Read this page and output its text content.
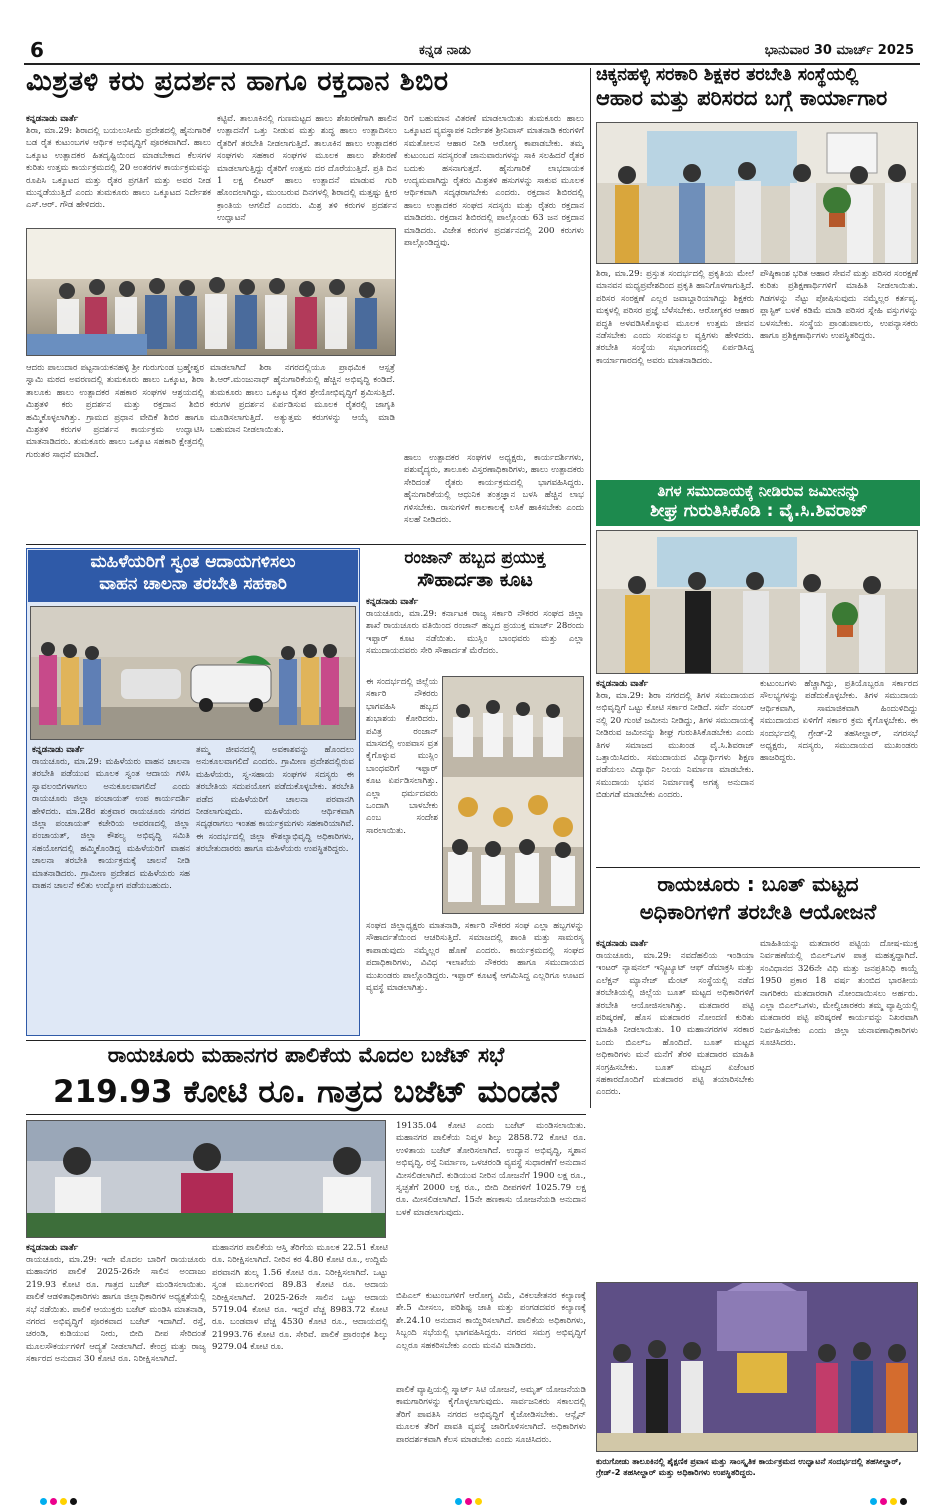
6	ಕನ್ನಡ ನಾಡು	ಭಾನುವಾರ 30 ಮಾರ್ಚ್ 2025
ಮಿಶ್ರತಳಿ ಕರು ಪ್ರದರ್ಶನ ಹಾಗೂ ರಕ್ತದಾನ ಶಿಬಿರ
ಕನ್ನಡನಾಡು ವಾರ್ತೆ
ಶಿರಾ, ಮಾ.29: ಶಿರಾದಲ್ಲಿ ಬಯಲುಸೀಮೆ ಪ್ರದೇಶದಲ್ಲಿ ಹೈನುಗಾರಿಕೆ ಬಡ ರೈತ ಕುಟುಂಬಗಳ ಆರ್ಥಿಕ ಅಭಿವೃದ್ಧಿಗೆ ಪೂರಕವಾಗಿದೆ. ಹಾಲು ಒಕ್ಕೂಟ ಉತ್ಪಾದಕರ ಹಿತದೃಷ್ಟಿಯಿಂದ ಮಾಡಬೇಕಾದ ಕೆಲಸಗಳ ಕುರಿತು ಉತ್ತಮ ಕಾರ್ಯಕ್ರಮದಲ್ಲಿ 20 ಅಂತರಗಳ ಕಾರ್ಯಕ್ರಮವನ್ನು ರೂಪಿಸಿ ಒಕ್ಕೂಟದ ಮತ್ತು ರೈತರ ಪ್ರಗತಿಗೆ ಮತ್ತು ಅವರ ನೀಡ ಮುನ್ನಡೆಯುತ್ತಿದೆ ಎಂದು ತುಮಕೂರು ಹಾಲು ಒಕ್ಕೂಟದ ನಿರ್ದೇಶಕ ಎಸ್.ಆರ್. ಗೌಡ ಹೇಳಿದರು.
ಕಟ್ಟಿವೆ. ತಾಲೂಕಿನಲ್ಲಿ ಗುಣಮಟ್ಟದ ಹಾಲು ಶೇಖರಣೆಗಾಗಿ ಹಾಲಿನ ಉತ್ಪಾದನೆಗೆ ಒತ್ತು ನೀಡುವ ಮತ್ತು ಶುದ್ಧ ಹಾಲು ಉತ್ಪಾದಿಸಲು ರೈತರಿಗೆ ತರಬೇತಿ ನೀಡಲಾಗುತ್ತಿದೆ. ತಾಲೂಕಿನ ಹಾಲು ಉತ್ಪಾದಕರ ಸಂಘಗಳು ಸಹಕಾರ ಸಂಘಗಳ ಮೂಲಕ ಹಾಲು ಶೇಖರಣೆ ಮಾಡಲಾಗುತ್ತಿದ್ದು ರೈತರಿಗೆ ಉತ್ತಮ ದರ ದೊರೆಯುತ್ತಿದೆ. ಪ್ರತಿ ದಿನ 1 ಲಕ್ಷ ಲೀಟರ್ ಹಾಲು ಉತ್ಪಾದನೆ ಮಾಡುವ ಗುರಿ ಹೊಂದಲಾಗಿದ್ದು, ಮುಂಬರುವ ದಿನಗಳಲ್ಲಿ ಶಿರಾದಲ್ಲಿ ಮತ್ತಷ್ಟು ಕ್ಷೀರ ಕ್ರಾಂತಿಯ ಆಗಲಿದೆ ಎಂದರು. ಮಿಶ್ರ ತಳಿ ಕರುಗಳ ಪ್ರದರ್ಶನ ಉದ್ಘಾಟನೆ
ರಿಗೆ ಬಹುಮಾನ ವಿತರಣೆ ಮಾಡಲಾಯಿತು ತುಮಕೂರು ಹಾಲು ಒಕ್ಕೂಟದ ವ್ಯವಸ್ಥಾಪಕ ನಿರ್ದೇಶಕ ಶ್ರೀನಿವಾಸ್ ಮಾತನಾಡಿ ಕರುಗಳಿಗೆ ಸಮತೋಲನ ಆಹಾರ ನೀಡಿ ಆರೋಗ್ಯ ಕಾಪಾಡಬೇಕು. ತಮ್ಮ ಕುಟುಂಬದ ಸದಸ್ಯರಂತೆ ಜಾನುವಾರುಗಳನ್ನು ಸಾಕಿ ಸಲಹಿದರೆ ರೈತರ ಬದುಕು ಹಸನಾಗುತ್ತದೆ. ಹೈನುಗಾರಿಕೆ ಲಾಭದಾಯಕ ಉದ್ಯಮವಾಗಿದ್ದು ರೈತರು ಮಿಶ್ರತಳಿ ಹಸುಗಳನ್ನು ಸಾಕುವ ಮೂಲಕ ಆರ್ಥಿಕವಾಗಿ ಸದೃಢರಾಗಬೇಕು ಎಂದರು. ರಕ್ತದಾನ ಶಿಬಿರದಲ್ಲಿ ಹಾಲು ಉತ್ಪಾದಕರ ಸಂಘದ ಸದಸ್ಯರು ಮತ್ತು ರೈತರು ರಕ್ತದಾನ ಮಾಡಿದರು. ರಕ್ತದಾನ ಶಿಬಿರದಲ್ಲಿ ಪಾಲ್ಗೊಂಡು 63 ಜನ ರಕ್ತದಾನ ಮಾಡಿದರು. ವಿಜೇತ ಕರುಗಳ ಪ್ರದರ್ಶನದಲ್ಲಿ 200 ಕರುಗಳು ಪಾಲ್ಗೊಂಡಿದ್ದವು.
ಆದರು ಪಾಲುದಾರ ಪಟ್ಟನಾಯಕನಹಳ್ಳಿ ಶ್ರೀ ಗುರುಗುಂಡ ಬ್ರಹ್ಮೇಶ್ವರ ಸ್ವಾಮಿ ಮಠದ ಅವರಣದಲ್ಲಿ ತುಮಕೂರು ಹಾಲು ಒಕ್ಕೂಟ, ಶಿರಾ ತಾಲೂಕು ಹಾಲು ಉತ್ಪಾದಕರ ಸಹಕಾರ ಸಂಘಗಳ ಆಶ್ರಯದಲ್ಲಿ ಮಿಶ್ರತಳಿ ಕರು ಪ್ರದರ್ಶನ ಮತ್ತು ರಕ್ತದಾನ ಶಿಬಿರ ಹಮ್ಮಿಕೊಳ್ಳಲಾಗಿತ್ತು. ಗ್ರಾಮದ ಪ್ರಧಾನ ವೇದಿಕೆ ಶಿಬಿರ ಹಾಗೂ ಮಿಶ್ರತಳಿ ಕರುಗಳ ಪ್ರದರ್ಶನ ಕಾರ್ಯಕ್ರಮ ಉದ್ಘಾಟಿಸಿ ಮಾತನಾಡಿದರು. ತುಮಕೂರು ಹಾಲು ಒಕ್ಕೂಟ ಸಹಕಾರಿ ಕ್ಷೇತ್ರದಲ್ಲಿ ಗುರುತರ ಸಾಧನೆ ಮಾಡಿದೆ.
ಮಾಡಲಾಗಿದೆ ಶಿರಾ ನಗರದಲ್ಲಿಯೂ ಪ್ರಾಥಮಿಕ ಆಸ್ಪತ್ರೆ ಶಿ.ಆರ್.ಮಂಜುನಾಥ್ ಹೈನುಗಾರಿಕೆಯಲ್ಲಿ ಹೆಚ್ಚಿನ ಅಭಿವೃದ್ಧಿ ಕಂಡಿದೆ. ತುಮಕೂರು ಹಾಲು ಒಕ್ಕೂಟ ರೈತರ ಶ್ರೇಯೋಭಿವೃದ್ಧಿಗೆ ಶ್ರಮಿಸುತ್ತಿದೆ. ಕರುಗಳ ಪ್ರದರ್ಶನ ಏರ್ಪಡಿಸುವ ಮೂಲಕ ರೈತರಲ್ಲಿ ಜಾಗೃತಿ ಮೂಡಿಸಲಾಗುತ್ತಿದೆ. ಅತ್ಯುತ್ತಮ ಕರುಗಳನ್ನು ಆಯ್ಕೆ ಮಾಡಿ ಬಹುಮಾನ ನೀಡಲಾಯಿತು.
ಹಾಲು ಉತ್ಪಾದಕರ ಸಂಘಗಳ ಅಧ್ಯಕ್ಷರು, ಕಾರ್ಯದರ್ಶಿಗಳು, ಪಶುವೈದ್ಯರು, ತಾಲೂಕು ವಿಸ್ತರಣಾಧಿಕಾರಿಗಳು, ಹಾಲು ಉತ್ಪಾದಕರು ಸೇರಿದಂತೆ ರೈತರು ಕಾರ್ಯಕ್ರಮದಲ್ಲಿ ಭಾಗವಹಿಸಿದ್ದರು. ಹೈನುಗಾರಿಕೆಯಲ್ಲಿ ಆಧುನಿಕ ತಂತ್ರಜ್ಞಾನ ಬಳಸಿ ಹೆಚ್ಚಿನ ಲಾಭ ಗಳಿಸಬೇಕು. ರಾಸುಗಳಿಗೆ ಕಾಲಕಾಲಕ್ಕೆ ಲಸಿಕೆ ಹಾಕಿಸಬೇಕು ಎಂದು ಸಲಹೆ ನೀಡಿದರು.
ಚಿಕ್ಕನಹಳ್ಳಿ ಸರಕಾರಿ ಶಿಕ್ಷಕರ ತರಬೇತಿ ಸಂಸ್ಥೆಯಲ್ಲಿ
ಆಹಾರ ಮತ್ತು ಪರಿಸರದ ಬಗ್ಗೆ ಕಾರ್ಯಾಗಾರ
ಶಿರಾ, ಮಾ.29: ಪ್ರಸ್ತುತ ಸಂದರ್ಭದಲ್ಲಿ ಪ್ರಕೃತಿಯ ಮೇಲೆ ಮಾನವನ ಮಧ್ಯಪ್ರವೇಶದಿಂದ ಪ್ರಕೃತಿ ಹಾನಿಗೊಳಗಾಗುತ್ತಿದೆ. ಪರಿಸರ ಸಂರಕ್ಷಣೆ ಎಲ್ಲರ ಜವಾಬ್ದಾರಿಯಾಗಿದ್ದು ಶಿಕ್ಷಕರು ಮಕ್ಕಳಲ್ಲಿ ಪರಿಸರ ಪ್ರಜ್ಞೆ ಬೆಳೆಸಬೇಕು. ಆರೋಗ್ಯಕರ ಆಹಾರ ಪದ್ಧತಿ ಅಳವಡಿಸಿಕೊಳ್ಳುವ ಮೂಲಕ ಉತ್ತಮ ಜೀವನ ನಡೆಸಬೇಕು ಎಂದು ಸಂಪನ್ಮೂಲ ವ್ಯಕ್ತಿಗಳು ಹೇಳಿದರು. ತರಬೇತಿ ಸಂಸ್ಥೆಯ ಸಭಾಂಗಣದಲ್ಲಿ ಏರ್ಪಡಿಸಿದ್ದ ಕಾರ್ಯಾಗಾರದಲ್ಲಿ ಅವರು ಮಾತನಾಡಿದರು.
ಪೌಷ್ಠಿಕಾಂಶ ಭರಿತ ಆಹಾರ ಸೇವನೆ ಮತ್ತು ಪರಿಸರ ಸಂರಕ್ಷಣೆ ಕುರಿತು ಪ್ರಶಿಕ್ಷಣಾರ್ಥಿಗಳಿಗೆ ಮಾಹಿತಿ ನೀಡಲಾಯಿತು. ಗಿಡಗಳನ್ನು ನೆಟ್ಟು ಪೋಷಿಸುವುದು ನಮ್ಮೆಲ್ಲರ ಕರ್ತವ್ಯ. ಪ್ಲಾಸ್ಟಿಕ್ ಬಳಕೆ ಕಡಿಮೆ ಮಾಡಿ ಪರಿಸರ ಸ್ನೇಹಿ ವಸ್ತುಗಳನ್ನು ಬಳಸಬೇಕು. ಸಂಸ್ಥೆಯ ಪ್ರಾಂಶುಪಾಲರು, ಉಪನ್ಯಾಸಕರು ಹಾಗೂ ಪ್ರಶಿಕ್ಷಣಾರ್ಥಿಗಳು ಉಪಸ್ಥಿತರಿದ್ದರು.
ತಿಗಳ ಸಮುದಾಯಕ್ಕೆ ನೀಡಿರುವ ಜಮೀನನ್ನು
ಶೀಘ್ರ ಗುರುತಿಸಿಕೊಡಿ : ವೈ.ಸಿ.ಶಿವರಾಜ್
ಕನ್ನಡನಾಡು ವಾರ್ತೆ
ಶಿರಾ, ಮಾ.29: ಶಿರಾ ನಗರದಲ್ಲಿ ತಿಗಳ ಸಮುದಾಯದ ಅಭಿವೃದ್ಧಿಗೆ ಒಟ್ಟು ಕೋಟಿ ಸರ್ಕಾರ ನೀಡಿದೆ. ಸರ್ವೆ ನಂಬರ್ ನಲ್ಲಿ 20 ಗುಂಟೆ ಜಮೀನು ನೀಡಿದ್ದು, ತಿಗಳ ಸಮುದಾಯಕ್ಕೆ ನೀಡಿರುವ ಜಮೀನನ್ನು ಶೀಘ್ರ ಗುರುತಿಸಿಕೊಡಬೇಕು ಎಂದು ತಿಗಳ ಸಮಾಜದ ಮುಖಂಡ ವೈ.ಸಿ.ಶಿವರಾಜ್ ಒತ್ತಾಯಿಸಿದರು. ಸಮುದಾಯದ ವಿದ್ಯಾರ್ಥಿಗಳು ಶಿಕ್ಷಣ ಪಡೆಯಲು ವಿದ್ಯಾರ್ಥಿ ನಿಲಯ ನಿರ್ಮಾಣ ಮಾಡಬೇಕು. ಸಮುದಾಯ ಭವನ ನಿರ್ಮಾಣಕ್ಕೆ ಅಗತ್ಯ ಅನುದಾನ ಬಿಡುಗಡೆ ಮಾಡಬೇಕು ಎಂದರು.
ಕುಟುಂಬಗಳು ಹೆಚ್ಚಾಗಿದ್ದು, ಪ್ರತಿಯೊಬ್ಬರೂ ಸರ್ಕಾರದ ಸೌಲಭ್ಯಗಳನ್ನು ಪಡೆದುಕೊಳ್ಳಬೇಕು. ತಿಗಳ ಸಮುದಾಯ ಆರ್ಥಿಕವಾಗಿ, ಸಾಮಾಜಿಕವಾಗಿ ಹಿಂದುಳಿದಿದ್ದು ಸಮುದಾಯದ ಏಳಿಗೆಗೆ ಸರ್ಕಾರ ಕ್ರಮ ಕೈಗೊಳ್ಳಬೇಕು. ಈ ಸಂದರ್ಭದಲ್ಲಿ ಗ್ರೇಡ್-2 ತಹಸೀಲ್ದಾರ್, ನಗರಸಭೆ ಅಧ್ಯಕ್ಷರು, ಸದಸ್ಯರು, ಸಮುದಾಯದ ಮುಖಂಡರು ಹಾಜರಿದ್ದರು.
ಮಹಿಳೆಯರಿಗೆ ಸ್ವಂತ ಆದಾಯಗಳಿಸಲು
ವಾಹನ ಚಾಲನಾ ತರಬೇತಿ ಸಹಕಾರಿ
ಕನ್ನಡನಾಡು ವಾರ್ತೆ
ರಾಯಚೂರು, ಮಾ.29: ಮಹಿಳೆಯರು ವಾಹನ ಚಾಲನಾ ತರಬೇತಿ ಪಡೆಯುವ ಮೂಲಕ ಸ್ವಂತ ಆದಾಯ ಗಳಿಸಿ ಸ್ವಾವಲಂಬಿಗಳಾಗಲು ಅನುಕೂಲವಾಗಲಿದೆ ಎಂದು ರಾಯಚೂರು ಜಿಲ್ಲಾ ಪಂಚಾಯತ್ ಉಪ ಕಾರ್ಯದರ್ಶಿ ಹೇಳಿದರು. ಮಾ.28ರ ಶುಕ್ರವಾರ ರಾಯಚೂರು ನಗರದ ಜಿಲ್ಲಾ ಪಂಚಾಯತ್ ಕಚೇರಿಯ ಆವರಣದಲ್ಲಿ ಜಿಲ್ಲಾ ಪಂಚಾಯತ್, ಜಿಲ್ಲಾ ಕೌಶಲ್ಯ ಅಭಿವೃದ್ಧಿ ಸಮಿತಿ ಸಹಯೋಗದಲ್ಲಿ ಹಮ್ಮಿಕೊಂಡಿದ್ದ ಮಹಿಳೆಯರಿಗೆ ವಾಹನ ಚಾಲನಾ ತರಬೇತಿ ಕಾರ್ಯಕ್ರಮಕ್ಕೆ ಚಾಲನೆ ನೀಡಿ ಮಾತನಾಡಿದರು. ಗ್ರಾಮೀಣ ಪ್ರದೇಶದ ಮಹಿಳೆಯರು ಸಹ ವಾಹನ ಚಾಲನೆ ಕಲಿತು ಉದ್ಯೋಗ ಪಡೆಯಬಹುದು.
ತಮ್ಮ ಜೀವನದಲ್ಲಿ ಅವಕಾಶವನ್ನು ಹೊಂದಲು ಅನುಕೂಲವಾಗಲಿದೆ ಎಂದರು. ಗ್ರಾಮೀಣ ಪ್ರದೇಶದಲ್ಲಿರುವ ಮಹಿಳೆಯರು, ಸ್ವ-ಸಹಾಯ ಸಂಘಗಳ ಸದಸ್ಯರು ಈ ತರಬೇತಿಯ ಸದುಪಯೋಗ ಪಡೆದುಕೊಳ್ಳಬೇಕು. ತರಬೇತಿ ಪಡೆದ ಮಹಿಳೆಯರಿಗೆ ಚಾಲನಾ ಪರವಾನಗಿ ನೀಡಲಾಗುವುದು. ಮಹಿಳೆಯರು ಆರ್ಥಿಕವಾಗಿ ಸದೃಢರಾಗಲು ಇಂತಹ ಕಾರ್ಯಕ್ರಮಗಳು ಸಹಕಾರಿಯಾಗಿವೆ. ಈ ಸಂದರ್ಭದಲ್ಲಿ ಜಿಲ್ಲಾ ಕೌಶಲ್ಯಾಭಿವೃದ್ಧಿ ಅಧಿಕಾರಿಗಳು, ತರಬೇತುದಾರರು ಹಾಗೂ ಮಹಿಳೆಯರು ಉಪಸ್ಥಿತರಿದ್ದರು.
ರಂಜಾನ್ ಹಬ್ಬದ ಪ್ರಯುಕ್ತ
ಸೌಹಾರ್ದತಾ ಕೂಟ
ಕನ್ನಡನಾಡು ವಾರ್ತೆ
ರಾಯಚೂರು, ಮಾ.29: ಕರ್ನಾಟಕ ರಾಜ್ಯ ಸರ್ಕಾರಿ ನೌಕರರ ಸಂಘದ ಜಿಲ್ಲಾ ಶಾಖೆ ರಾಯಚೂರು ವತಿಯಿಂದ ರಂಜಾನ್ ಹಬ್ಬದ ಪ್ರಯುಕ್ತ ಮಾರ್ಚ್ 28ರಂದು ಇಫ್ತಾರ್ ಕೂಟ ನಡೆಯಿತು. ಮುಸ್ಲಿಂ ಬಾಂಧವರು ಮತ್ತು ಎಲ್ಲಾ ಸಮುದಾಯದವರು ಸೇರಿ ಸೌಹಾರ್ದತೆ ಮೆರೆದರು.
ಈ ಸಂದರ್ಭದಲ್ಲಿ ಜಿಲ್ಲೆಯ ಸರ್ಕಾರಿ ನೌಕರರು ಭಾಗವಹಿಸಿ ಹಬ್ಬದ ಶುಭಾಶಯ ಕೋರಿದರು. ಪವಿತ್ರ ರಂಜಾನ್ ಮಾಸದಲ್ಲಿ ಉಪವಾಸ ವ್ರತ ಕೈಗೊಳ್ಳುವ ಮುಸ್ಲಿಂ ಬಾಂಧವರಿಗೆ ಇಫ್ತಾರ್ ಕೂಟ ಏರ್ಪಡಿಸಲಾಗಿತ್ತು. ಎಲ್ಲಾ ಧರ್ಮದವರು ಒಂದಾಗಿ ಬಾಳಬೇಕು ಎಂಬ ಸಂದೇಶ ಸಾರಲಾಯಿತು.
ಸಂಘದ ಜಿಲ್ಲಾಧ್ಯಕ್ಷರು ಮಾತನಾಡಿ, ಸರ್ಕಾರಿ ನೌಕರರ ಸಂಘ ಎಲ್ಲಾ ಹಬ್ಬಗಳನ್ನು ಸೌಹಾರ್ದತೆಯಿಂದ ಆಚರಿಸುತ್ತಿದೆ. ಸಮಾಜದಲ್ಲಿ ಶಾಂತಿ ಮತ್ತು ಸಾಮರಸ್ಯ ಕಾಪಾಡುವುದು ನಮ್ಮೆಲ್ಲರ ಹೊಣೆ ಎಂದರು. ಕಾರ್ಯಕ್ರಮದಲ್ಲಿ ಸಂಘದ ಪದಾಧಿಕಾರಿಗಳು, ವಿವಿಧ ಇಲಾಖೆಯ ನೌಕರರು ಹಾಗೂ ಸಮುದಾಯದ ಮುಖಂಡರು ಪಾಲ್ಗೊಂಡಿದ್ದರು. ಇಫ್ತಾರ್ ಕೂಟಕ್ಕೆ ಆಗಮಿಸಿದ್ದ ಎಲ್ಲರಿಗೂ ಊಟದ ವ್ಯವಸ್ಥೆ ಮಾಡಲಾಗಿತ್ತು.
ರಾಯಚೂರು : ಬೂತ್ ಮಟ್ಟದ
ಅಧಿಕಾರಿಗಳಿಗೆ ತರಬೇತಿ ಆಯೋಜನೆ
ಕನ್ನಡನಾಡು ವಾರ್ತೆ
ರಾಯಚೂರು, ಮಾ.29: ನವದೆಹಲಿಯ ಇಂಡಿಯಾ ಇಂಟರ್ ನ್ಯಾಷನಲ್ ಇನ್ಸ್ಟಿಟ್ಯೂಟ್ ಆಫ್ ಡೆಮಾಕ್ರಸಿ ಮತ್ತು ಎಲೆಕ್ಷನ್ ಮ್ಯಾನೇಜ್ ಮೆಂಟ್ ಸಂಸ್ಥೆಯಲ್ಲಿ ನಡೆದ ತರಬೇತಿಯಲ್ಲಿ ಜಿಲ್ಲೆಯ ಬೂತ್ ಮಟ್ಟದ ಅಧಿಕಾರಿಗಳಿಗೆ ತರಬೇತಿ ಆಯೋಜಿಸಲಾಗಿತ್ತು. ಮತದಾರರ ಪಟ್ಟಿ ಪರಿಷ್ಕರಣೆ, ಹೊಸ ಮತದಾರರ ನೋಂದಣಿ ಕುರಿತು ಮಾಹಿತಿ ನೀಡಲಾಯಿತು. 10 ಮಹಾನಗರಗಳ ಸರಕಾರ ಒಂದು ಬಿಎಲ್ಒ ಹೊಂದಿದೆ. ಬೂತ್ ಮಟ್ಟದ ಅಧಿಕಾರಿಗಳು ಮನೆ ಮನೆಗೆ ತೆರಳಿ ಮತದಾರರ ಮಾಹಿತಿ ಸಂಗ್ರಹಿಸಬೇಕು. ಬೂತ್ ಮಟ್ಟದ ಏಜೆಂಟರ ಸಹಕಾರದೊಂದಿಗೆ ಮತದಾರರ ಪಟ್ಟಿ ತಯಾರಿಸಬೇಕು ಎಂದರು.
ಮಾಹಿತಿಯನ್ನು ಮತದಾರರ ಪಟ್ಟಿಯ ದೋಷ-ಮುಕ್ತ ನಿರ್ವಹಣೆಯಲ್ಲಿ ಬಿಎಲ್ಒಗಳ ಪಾತ್ರ ಮಹತ್ವದ್ದಾಗಿದೆ. ಸಂವಿಧಾನದ 326ನೇ ವಿಧಿ ಮತ್ತು ಜನಪ್ರತಿನಿಧಿ ಕಾಯ್ದೆ 1950 ಪ್ರಕಾರ 18 ವರ್ಷ ತುಂಬಿದ ಭಾರತೀಯ ನಾಗರಿಕರು ಮತದಾರರಾಗಿ ನೋಂದಾಯಿಸಲು ಅರ್ಹರು. ಎಲ್ಲಾ ಬಿಎಲ್ಒಗಳು, ಮೇಲ್ವಿಚಾರಕರು ತಮ್ಮ ವ್ಯಾಪ್ತಿಯಲ್ಲಿ ಮತದಾರರ ಪಟ್ಟಿ ಪರಿಷ್ಕರಣೆ ಕಾರ್ಯವನ್ನು ನಿಖರವಾಗಿ ನಿರ್ವಹಿಸಬೇಕು ಎಂದು ಜಿಲ್ಲಾ ಚುನಾವಣಾಧಿಕಾರಿಗಳು ಸೂಚಿಸಿದರು.
ರಾಯಚೂರು ಮಹಾನಗರ ಪಾಲಿಕೆಯ ಮೊದಲ ಬಜೆಟ್ ಸಭೆ
219.93 ಕೋಟಿ ರೂ. ಗಾತ್ರದ ಬಜೆಟ್ ಮಂಡನೆ
ಕನ್ನಡನಾಡು ವಾರ್ತೆ
ರಾಯಚೂರು, ಮಾ.29: ಇದೇ ಮೊದಲ ಬಾರಿಗೆ ರಾಯಚೂರು ಮಹಾನಗರ ಪಾಲಿಕೆ 2025-26ನೇ ಸಾಲಿನ ಅಂದಾಜು 219.93 ಕೋಟಿ ರೂ. ಗಾತ್ರದ ಬಜೆಟ್ ಮಂಡಿಸಲಾಯಿತು. ಪಾಲಿಕೆ ಆಡಳಿತಾಧಿಕಾರಿಗಳು ಹಾಗೂ ಜಿಲ್ಲಾಧಿಕಾರಿಗಳ ಅಧ್ಯಕ್ಷತೆಯಲ್ಲಿ ಸಭೆ ನಡೆಯಿತು. ಪಾಲಿಕೆ ಆಯುಕ್ತರು ಬಜೆಟ್ ಮಂಡಿಸಿ ಮಾತನಾಡಿ, ನಗರದ ಅಭಿವೃದ್ಧಿಗೆ ಪೂರಕವಾದ ಬಜೆಟ್ ಇದಾಗಿದೆ. ರಸ್ತೆ, ಚರಂಡಿ, ಕುಡಿಯುವ ನೀರು, ಬೀದಿ ದೀಪ ಸೇರಿದಂತೆ ಮೂಲಸೌಕರ್ಯಗಳಿಗೆ ಆದ್ಯತೆ ನೀಡಲಾಗಿದೆ. ಕೇಂದ್ರ ಮತ್ತು ರಾಜ್ಯ ಸರ್ಕಾರದ ಅನುದಾನ 30 ಕೋಟಿ ರೂ. ನಿರೀಕ್ಷಿಸಲಾಗಿದೆ.
ಮಹಾನಗರ ಪಾಲಿಕೆಯ ಆಸ್ತಿ ತೆರಿಗೆಯ ಮೂಲಕ 22.51 ಕೋಟಿ ರೂ. ನಿರೀಕ್ಷಿಸಲಾಗಿದೆ. ನೀರಿನ ಕರ 4.80 ಕೋಟಿ ರೂ., ಉದ್ದಿಮೆ ಪರವಾನಗಿ ಶುಲ್ಕ 1.56 ಕೋಟಿ ರೂ. ನಿರೀಕ್ಷಿಸಲಾಗಿದೆ. ಒಟ್ಟು ಸ್ವಂತ ಮೂಲಗಳಿಂದ 89.83 ಕೋಟಿ ರೂ. ಆದಾಯ ನಿರೀಕ್ಷಿಸಲಾಗಿದೆ. 2025-26ನೇ ಸಾಲಿನ ಒಟ್ಟು ಆದಾಯ 5719.04 ಕೋಟಿ ರೂ. ಇದ್ದರೆ ವೆಚ್ಚ 8983.72 ಕೋಟಿ ರೂ. ಬಂಡವಾಳ ವೆಚ್ಚ 4530 ಕೋಟಿ ರೂ., ಆದಾಯದಲ್ಲಿ 21993.76 ಕೋಟಿ ರೂ. ಸೇರಿವೆ. ಪಾಲಿಕೆ ಪ್ರಾರಂಭಿಕ ಶಿಲ್ಕು 9279.04 ಕೋಟಿ ರೂ.
19135.04 ಕೋಟಿ ಎಂದು ಬಜೆಟ್ ಮಂಡಿಸಲಾಯಿತು. ಮಹಾನಗರ ಪಾಲಿಕೆಯ ನಿವ್ವಳ ಶಿಲ್ಕು 2858.72 ಕೋಟಿ ರೂ. ಉಳಿತಾಯ ಬಜೆಟ್ ತೋರಿಸಲಾಗಿದೆ. ಉದ್ಯಾನ ಅಭಿವೃದ್ಧಿ, ಸ್ಮಶಾನ ಅಭಿವೃದ್ಧಿ, ರಸ್ತೆ ನಿರ್ಮಾಣ, ಒಳಚರಂಡಿ ವ್ಯವಸ್ಥೆ ಸುಧಾರಣೆಗೆ ಅನುದಾನ ಮೀಸಲಿಡಲಾಗಿದೆ. ಕುಡಿಯುವ ನೀರಿನ ಯೋಜನೆಗೆ 1900 ಲಕ್ಷ ರೂ., ಸ್ವಚ್ಛತೆಗೆ 2000 ಲಕ್ಷ ರೂ., ಬೀದಿ ದೀಪಗಳಿಗೆ 1025.79 ಲಕ್ಷ ರೂ. ಮೀಸಲಿಡಲಾಗಿದೆ. 15ನೇ ಹಣಕಾಸು ಯೋಜನೆಯಡಿ ಅನುದಾನ ಬಳಕೆ ಮಾಡಲಾಗುವುದು.
ಬಿಪಿಎಲ್ ಕುಟುಂಬಗಳಿಗೆ ಆರೋಗ್ಯ ವಿಮೆ, ವಿಕಲಚೇತನರ ಕಲ್ಯಾಣಕ್ಕೆ ಶೇ.5 ಮೀಸಲು, ಪರಿಶಿಷ್ಟ ಜಾತಿ ಮತ್ತು ಪಂಗಡದವರ ಕಲ್ಯಾಣಕ್ಕೆ ಶೇ.24.10 ಅನುದಾನ ಕಾಯ್ದಿರಿಸಲಾಗಿದೆ. ಪಾಲಿಕೆಯ ಅಧಿಕಾರಿಗಳು, ಸಿಬ್ಬಂದಿ ಸಭೆಯಲ್ಲಿ ಭಾಗವಹಿಸಿದ್ದರು. ನಗರದ ಸಮಗ್ರ ಅಭಿವೃದ್ಧಿಗೆ ಎಲ್ಲರೂ ಸಹಕರಿಸಬೇಕು ಎಂದು ಮನವಿ ಮಾಡಿದರು.
ಪಾಲಿಕೆ ವ್ಯಾಪ್ತಿಯಲ್ಲಿ ಸ್ಮಾರ್ಟ್ ಸಿಟಿ ಯೋಜನೆ, ಅಮೃತ್ ಯೋಜನೆಯಡಿ ಕಾಮಗಾರಿಗಳನ್ನು ಕೈಗೊಳ್ಳಲಾಗುವುದು. ಸಾರ್ವಜನಿಕರು ಸಕಾಲದಲ್ಲಿ ತೆರಿಗೆ ಪಾವತಿಸಿ ನಗರದ ಅಭಿವೃದ್ಧಿಗೆ ಕೈಜೋಡಿಸಬೇಕು. ಆನ್ಲೈನ್ ಮೂಲಕ ತೆರಿಗೆ ಪಾವತಿ ವ್ಯವಸ್ಥೆ ಜಾರಿಗೊಳಿಸಲಾಗಿದೆ. ಅಧಿಕಾರಿಗಳು ಪಾರದರ್ಶಕವಾಗಿ ಕೆಲಸ ಮಾಡಬೇಕು ಎಂದು ಸೂಚಿಸಿದರು.
ಕುರುಗೋಡು ತಾಲೂಕಿನಲ್ಲಿ ಶೈಕ್ಷಣಿಕ ಪ್ರವಾಸ ಮತ್ತು ಸಾಂಸ್ಕೃತಿಕ ಕಾರ್ಯಕ್ರಮದ ಉದ್ಘಾಟನೆ ಸಂದರ್ಭದಲ್ಲಿ ತಹಸೀಲ್ದಾರ್, ಗ್ರೇಡ್-2 ತಹಸೀಲ್ದಾರ್ ಮತ್ತು ಅಧಿಕಾರಿಗಳು ಉಪಸ್ಥಿತರಿದ್ದರು.
